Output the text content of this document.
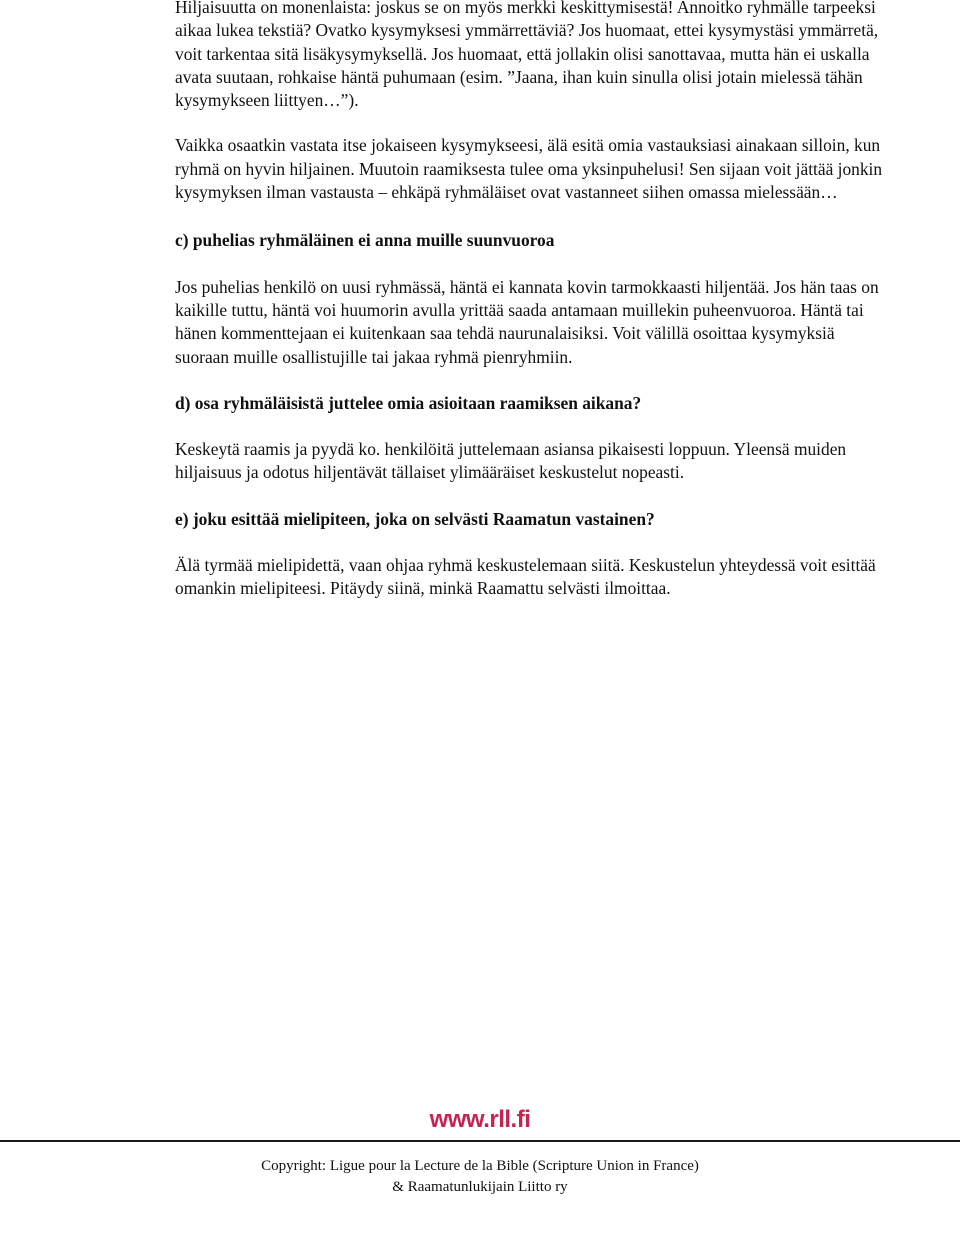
Hiljaisuutta on monenlaista: joskus se on myös merkki keskittymisestä! Annoitko ryhmälle tarpeeksi aikaa lukea tekstiä? Ovatko kysymyksesi ymmärrettäviä? Jos huomaat, ettei kysymystäsi ymmärretä, voit tarkentaa sitä lisäkysymyksellä. Jos huomaat, että jollakin olisi sanottavaa, mutta hän ei uskalla avata suutaan, rohkaise häntä puhumaan (esim. ”Jaana, ihan kuin sinulla olisi jotain mielessä tähän kysymykseen liittyen…”).

Vaikka osaatkin vastata itse jokaiseen kysymykseesi, älä esitä omia vastauksiasi ainakaan silloin, kun ryhmä on hyvin hiljainen. Muutoin raamiksesta tulee oma yksinpuhelusi! Sen sijaan voit jättää jonkin kysymyksen ilman vastausta – ehkäpä ryhmäläiset ovat vastanneet siihen omassa mielessään…

c) puhelias ryhmäläinen ei anna muille suunvuoroa

Jos puhelias henkilö on uusi ryhmässä, häntä ei kannata kovin tarmokkaasti hiljentää. Jos hän taas on kaikille tuttu, häntä voi huumorin avulla yrittää saada antamaan muillekin puheenvuoroa. Häntä tai hänen kommenttejaan ei kuitenkaan saa tehdä naurunalaisiksi. Voit välillä osoittaa kysymyksiä suoraan muille osallistujille tai jakaa ryhmä pienryhmiin.

d) osa ryhmäläisistä juttelee omia asioitaan raamiksen aikana?

Keskeytä raamis ja pyydä ko. henkilöitä juttelemaan asiansa pikaisesti loppuun. Yleensä muiden hiljaisuus ja odotus hiljentävät tällaiset ylimääräiset keskustelut nopeasti.

e) joku esittää mielipiteen, joka on selvästi Raamatun vastainen?

Älä tyrmää mielipidettä, vaan ohjaa ryhmä keskustelemaan siitä. Keskustelun yhteydessä voit esittää omankin mielipiteesi. Pitäydy siinä, minkä Raamattu selvästi ilmoittaa.

www.rll.fi
Copyright: Ligue pour la Lecture de la Bible (Scripture Union in France)
& Raamatunlukijain Liitto ry
